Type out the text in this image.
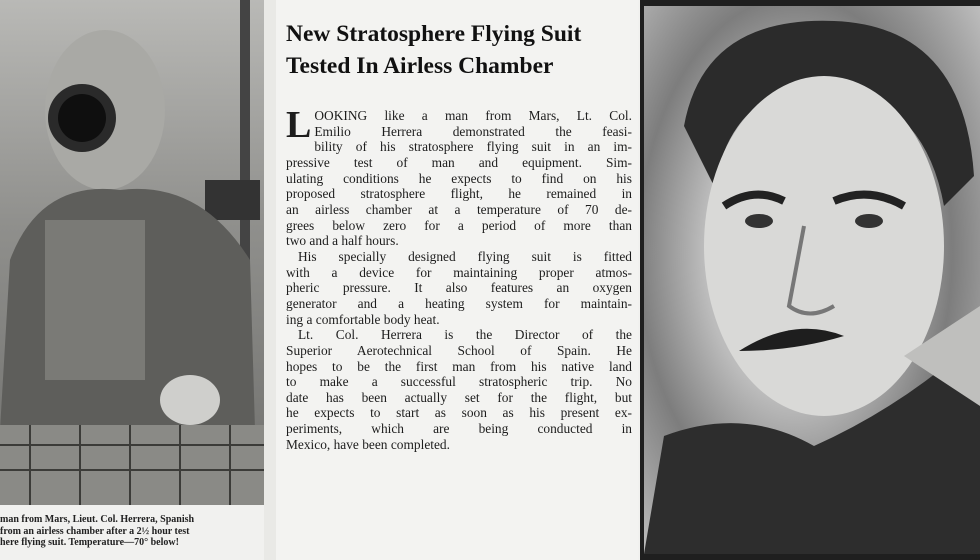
man from Mars, Lieut. Col. Herrera, Spanish
from an airless chamber after a 2½ hour test
here flying suit. Temperature—70° below!
New Stratosphere Flying Suit
Tested In Airless Chamber
L OOKING like a man from Mars, Lt. Col.
Emilio Herrera demonstrated the feasi-
bility of his stratosphere flying suit in an im-
pressive test of man and equipment. Sim-
ulating conditions he expects to find on his
proposed stratosphere flight, he remained in
an airless chamber at a temperature of 70 de-
grees below zero for a period of more than
two and a half hours.
His specially designed flying suit is fitted
with a device for maintaining proper atmos-
pheric pressure. It also features an oxygen
generator and a heating system for maintain-
ing a comfortable body heat.
Lt. Col. Herrera is the Director of the
Superior Aerotechnical School of Spain. He
hopes to be the first man from his native land
to make a successful stratospheric trip. No
date has been actually set for the flight, but
he expects to start as soon as his present ex-
periments, which are being conducted in
Mexico, have been completed.
